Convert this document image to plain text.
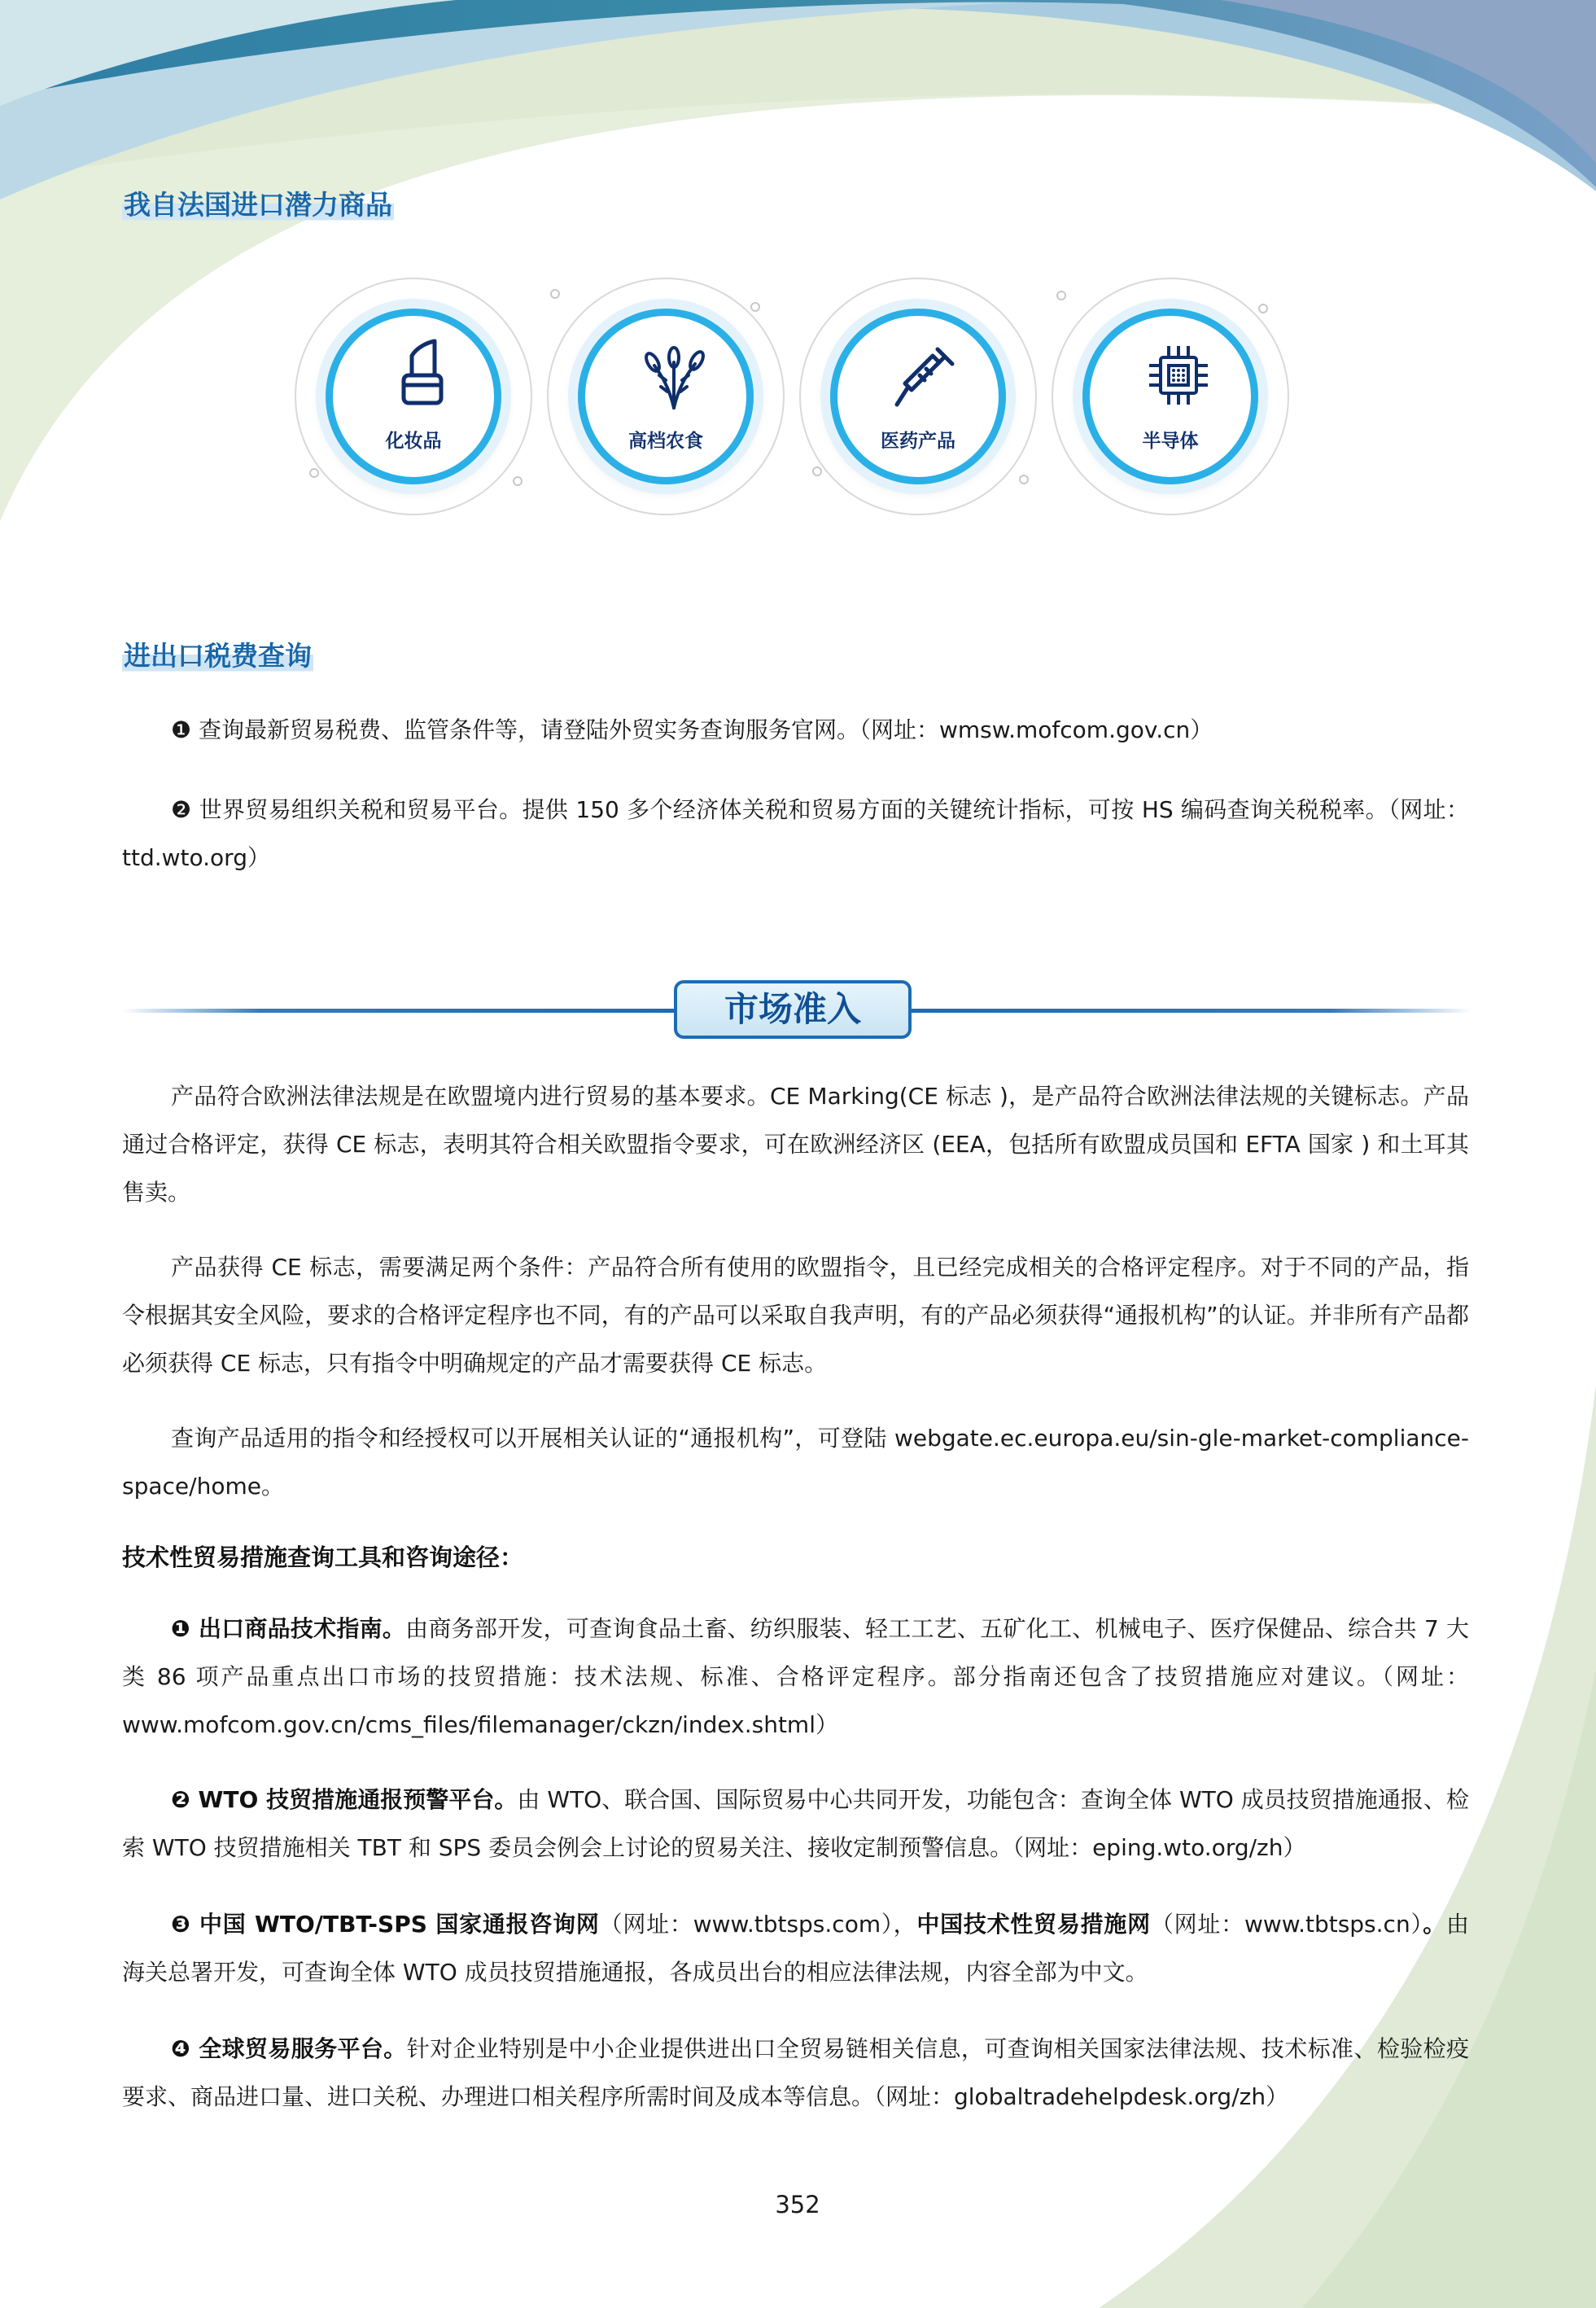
我自法国进口潜力商品
化妆品	高档农食	医药产品	半导体
进出口税费查询
❶ 查询最新贸易税费、监管条件等，请登陆外贸实务查询服务官网。（网址：wmsw.mofcom.gov.cn）
❷ 世界贸易组织关税和贸易平台。提供 150 多个经济体关税和贸易方面的关键统计指标，可按 HS 编码查询关税税率。（网址：ttd.wto.org）
市场准入
产品符合欧洲法律法规是在欧盟境内进行贸易的基本要求。CE Marking(CE 标志 )，是产品符合欧洲法律法规的关键标志。产品通过合格评定，获得 CE 标志，表明其符合相关欧盟指令要求，可在欧洲经济区 (EEA，包括所有欧盟成员国和 EFTA 国家 ) 和土耳其售卖。
产品获得 CE 标志，需要满足两个条件：产品符合所有使用的欧盟指令，且已经完成相关的合格评定程序。对于不同的产品，指令根据其安全风险，要求的合格评定程序也不同，有的产品可以采取自我声明，有的产品必须获得“通报机构”的认证。并非所有产品都必须获得 CE 标志，只有指令中明确规定的产品才需要获得 CE 标志。
查询产品适用的指令和经授权可以开展相关认证的“通报机构”，可登陆 webgate.ec.europa.eu/sin-gle-market-compliance-space/home。
技术性贸易措施查询工具和咨询途径：
❶ 出口商品技术指南。由商务部开发，可查询食品土畜、纺织服装、轻工工艺、五矿化工、机械电子、医疗保健品、综合共 7 大类 86 项产品重点出口市场的技贸措施：技术法规、标准、合格评定程序。部分指南还包含了技贸措施应对建议。（网址：www.mofcom.gov.cn/cms_files/filemanager/ckzn/index.shtml）
❷ WTO 技贸措施通报预警平台。由 WTO、联合国、国际贸易中心共同开发，功能包含：查询全体 WTO 成员技贸措施通报、检索 WTO 技贸措施相关 TBT 和 SPS 委员会例会上讨论的贸易关注、接收定制预警信息。（网址：eping.wto.org/zh）
❸ 中国 WTO/TBT-SPS 国家通报咨询网（网址：www.tbtsps.com），中国技术性贸易措施网（网址：www.tbtsps.cn）。由海关总署开发，可查询全体 WTO 成员技贸措施通报，各成员出台的相应法律法规，内容全部为中文。
❹ 全球贸易服务平台。针对企业特别是中小企业提供进出口全贸易链相关信息，可查询相关国家法律法规、技术标准、检验检疫要求、商品进口量、进口关税、办理进口相关程序所需时间及成本等信息。（网址：globaltradehelpdesk.org/zh）
352
